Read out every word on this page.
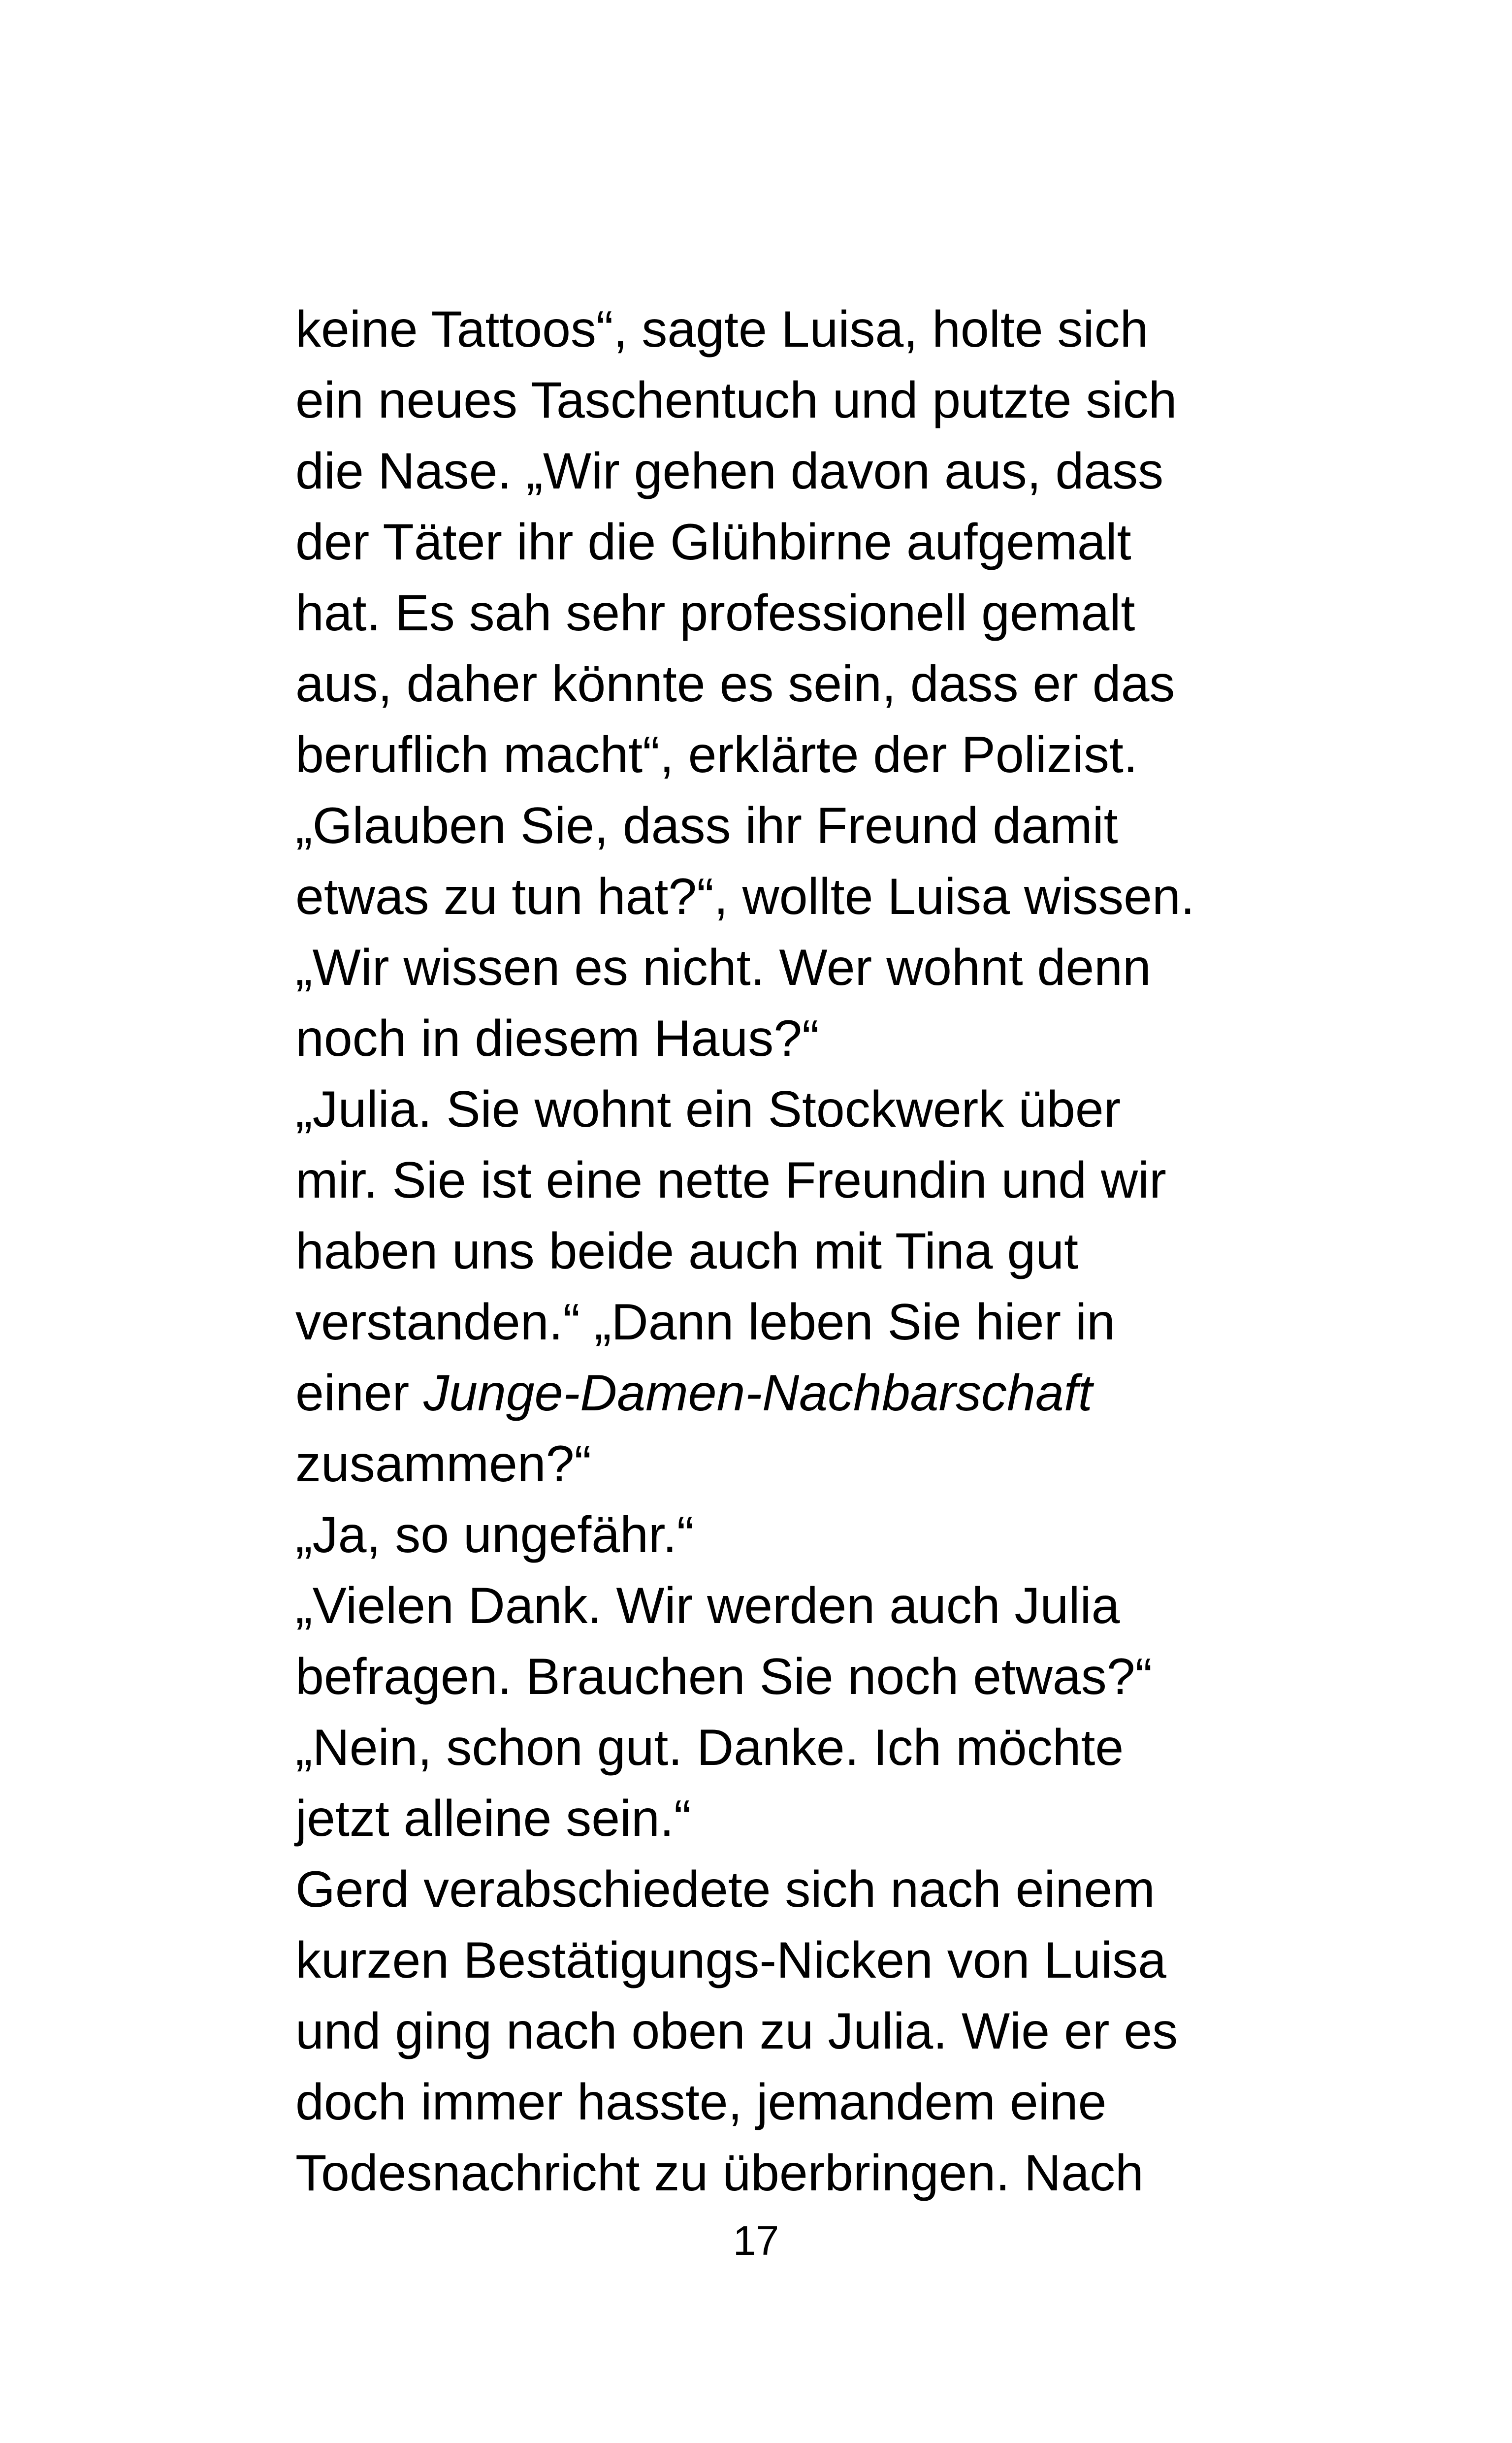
keine Tattoos“, sagte Luisa, holte sich
ein neues Taschentuch und putzte sich
die Nase. „Wir gehen davon aus, dass
der Täter ihr die Glühbirne aufgemalt
hat. Es sah sehr professionell gemalt
aus, daher könnte es sein, dass er das
beruflich macht“, erklärte der Polizist.
„Glauben Sie, dass ihr Freund damit
etwas zu tun hat?“, wollte Luisa wissen.
„Wir wissen es nicht. Wer wohnt denn
noch in diesem Haus?“
„Julia. Sie wohnt ein Stockwerk über
mir. Sie ist eine nette Freundin und wir
haben uns beide auch mit Tina gut
verstanden.“ „Dann leben Sie hier in
einer Junge-Damen-Nachbarschaft
zusammen?“
„Ja, so ungefähr.“
„Vielen Dank. Wir werden auch Julia
befragen. Brauchen Sie noch etwas?“
„Nein, schon gut. Danke. Ich möchte
jetzt alleine sein.“
Gerd verabschiedete sich nach einem
kurzen Bestätigungs-Nicken von Luisa
und ging nach oben zu Julia. Wie er es
doch immer hasste, jemandem eine
Todesnachricht zu überbringen. Nach
17
